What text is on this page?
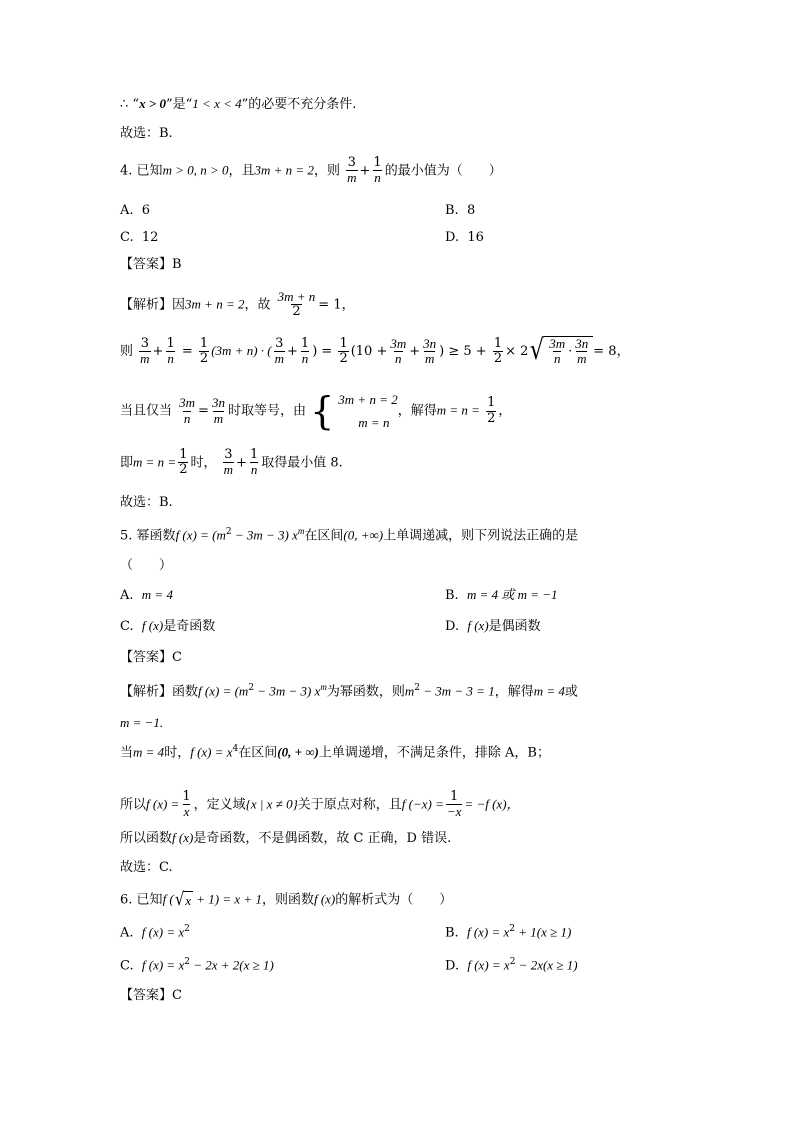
∴ “x > 0”是“1 < x < 4”的必要不充分条件.
故选：B.
4. 已知m > 0, n > 0，且3m + n = 2，则 $\frac{3}{m} + \frac{1}{n}$ 的最小值为（　　）
A. 6	B. 8
C. 12	D. 16
【答案】B
【解析】因3m + n = 2，故 $\frac{3m + n}{2} = 1$，
则 $\frac{3}{m} + \frac{1}{n} = \frac{1}{2} (3m + n)$ · ( $\frac{3}{m} + \frac{1}{n}$ ) = $\frac{1}{2} (10 + \frac{3m}{n} + \frac{3n}{m}$ ) ≥ $5 + \frac{1}{2} \times 2$ √ $\frac{3m}{n} \cdot \frac{3n}{m} = 8$，
当且仅当 $\frac{3m}{n} = \frac{3n}{m}$ 时取等号，由 { 3m + n = 2
m = n
，解得$m = n = \frac{1}{2}$ ，
即$m = n = \frac{1}{2}$ 时， $\frac{3}{m} + \frac{1}{n}$ 取得最小值 8.
故选：B.
5. 幂函数f $(x) = (m^2 - 3m - 3)$ $x^m$在区间(0, +∞)上单调递减，则下列说法正确的是
（　　）
A. m = 4	B. m = 4 或 m = −1
C. f (x)是奇函数	D. f (x)是偶函数
【答案】C
【解析】函数f $(x) = (m^2 - 3m - 3)$ $x^m$为幂函数，则$m^2 - 3m - 3 = 1$，解得m = 4或
m = −1.
当m = 4时，f $(x) = x^4$在区间(0, + ∞)上单调递增，不满足条件，排除 A，B；
所以f $(x) = \frac{1}{x}$ ，定义域{x | x ≠ 0}关于原点对称，且f $(-x) = \frac{1}{-x} = -f$ (x)，
所以函数f (x)是奇函数，不是偶函数，故 C 正确，D 错误.
故选：C.
6. 已知f ( √ x + 1) = x + 1，则函数f (x)的解析式为（　　）
A. f $(x) = x^2$	B. f $(x) = x^2 + 1(x \ge 1)$
C. f $(x) = x^2 - 2x + 2(x \ge 1)$	D. f $(x) = x^2 - 2x(x \ge 1)$
【答案】C
